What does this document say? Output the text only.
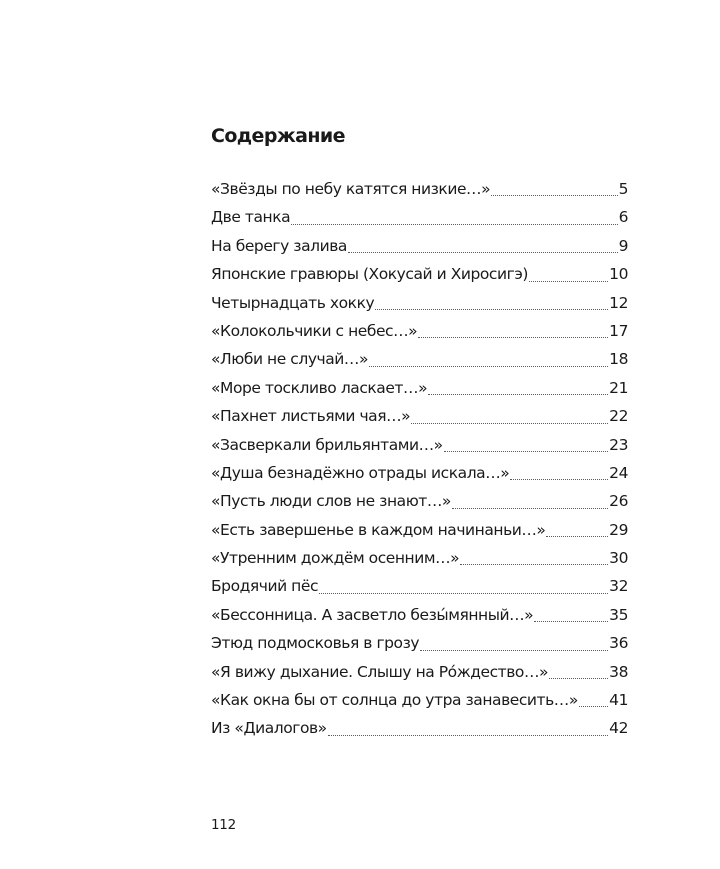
Содержание
«Звёзды по небу катятся низкие…»	5
Две танка	6
На берегу залива	9
Японские гравюры (Хокусай и Хиросигэ)	10
Четырнадцать хокку	12
«Колокольчики с небес…»	17
«Люби не случай…»	18
«Море тоскливо ласкает…»	21
«Пахнет листьями чая…»	22
«Засверкали брильянтами…»	23
«Душа безнадёжно отрады искала…»	24
«Пусть люди слов не знают…»	26
«Есть завершенье в каждом начинаньи…»	29
«Утренним дождём осенним…»	30
Бродячий пёс	32
«Бессонница. А засветло безы́мянный…»	35
Этюд подмосковья в грозу	36
«Я вижу дыхание. Слышу на Ро́ждество…»	38
«Как окна бы от солнца до утра занавесить…» 41
Из «Диалогов»	42

112
